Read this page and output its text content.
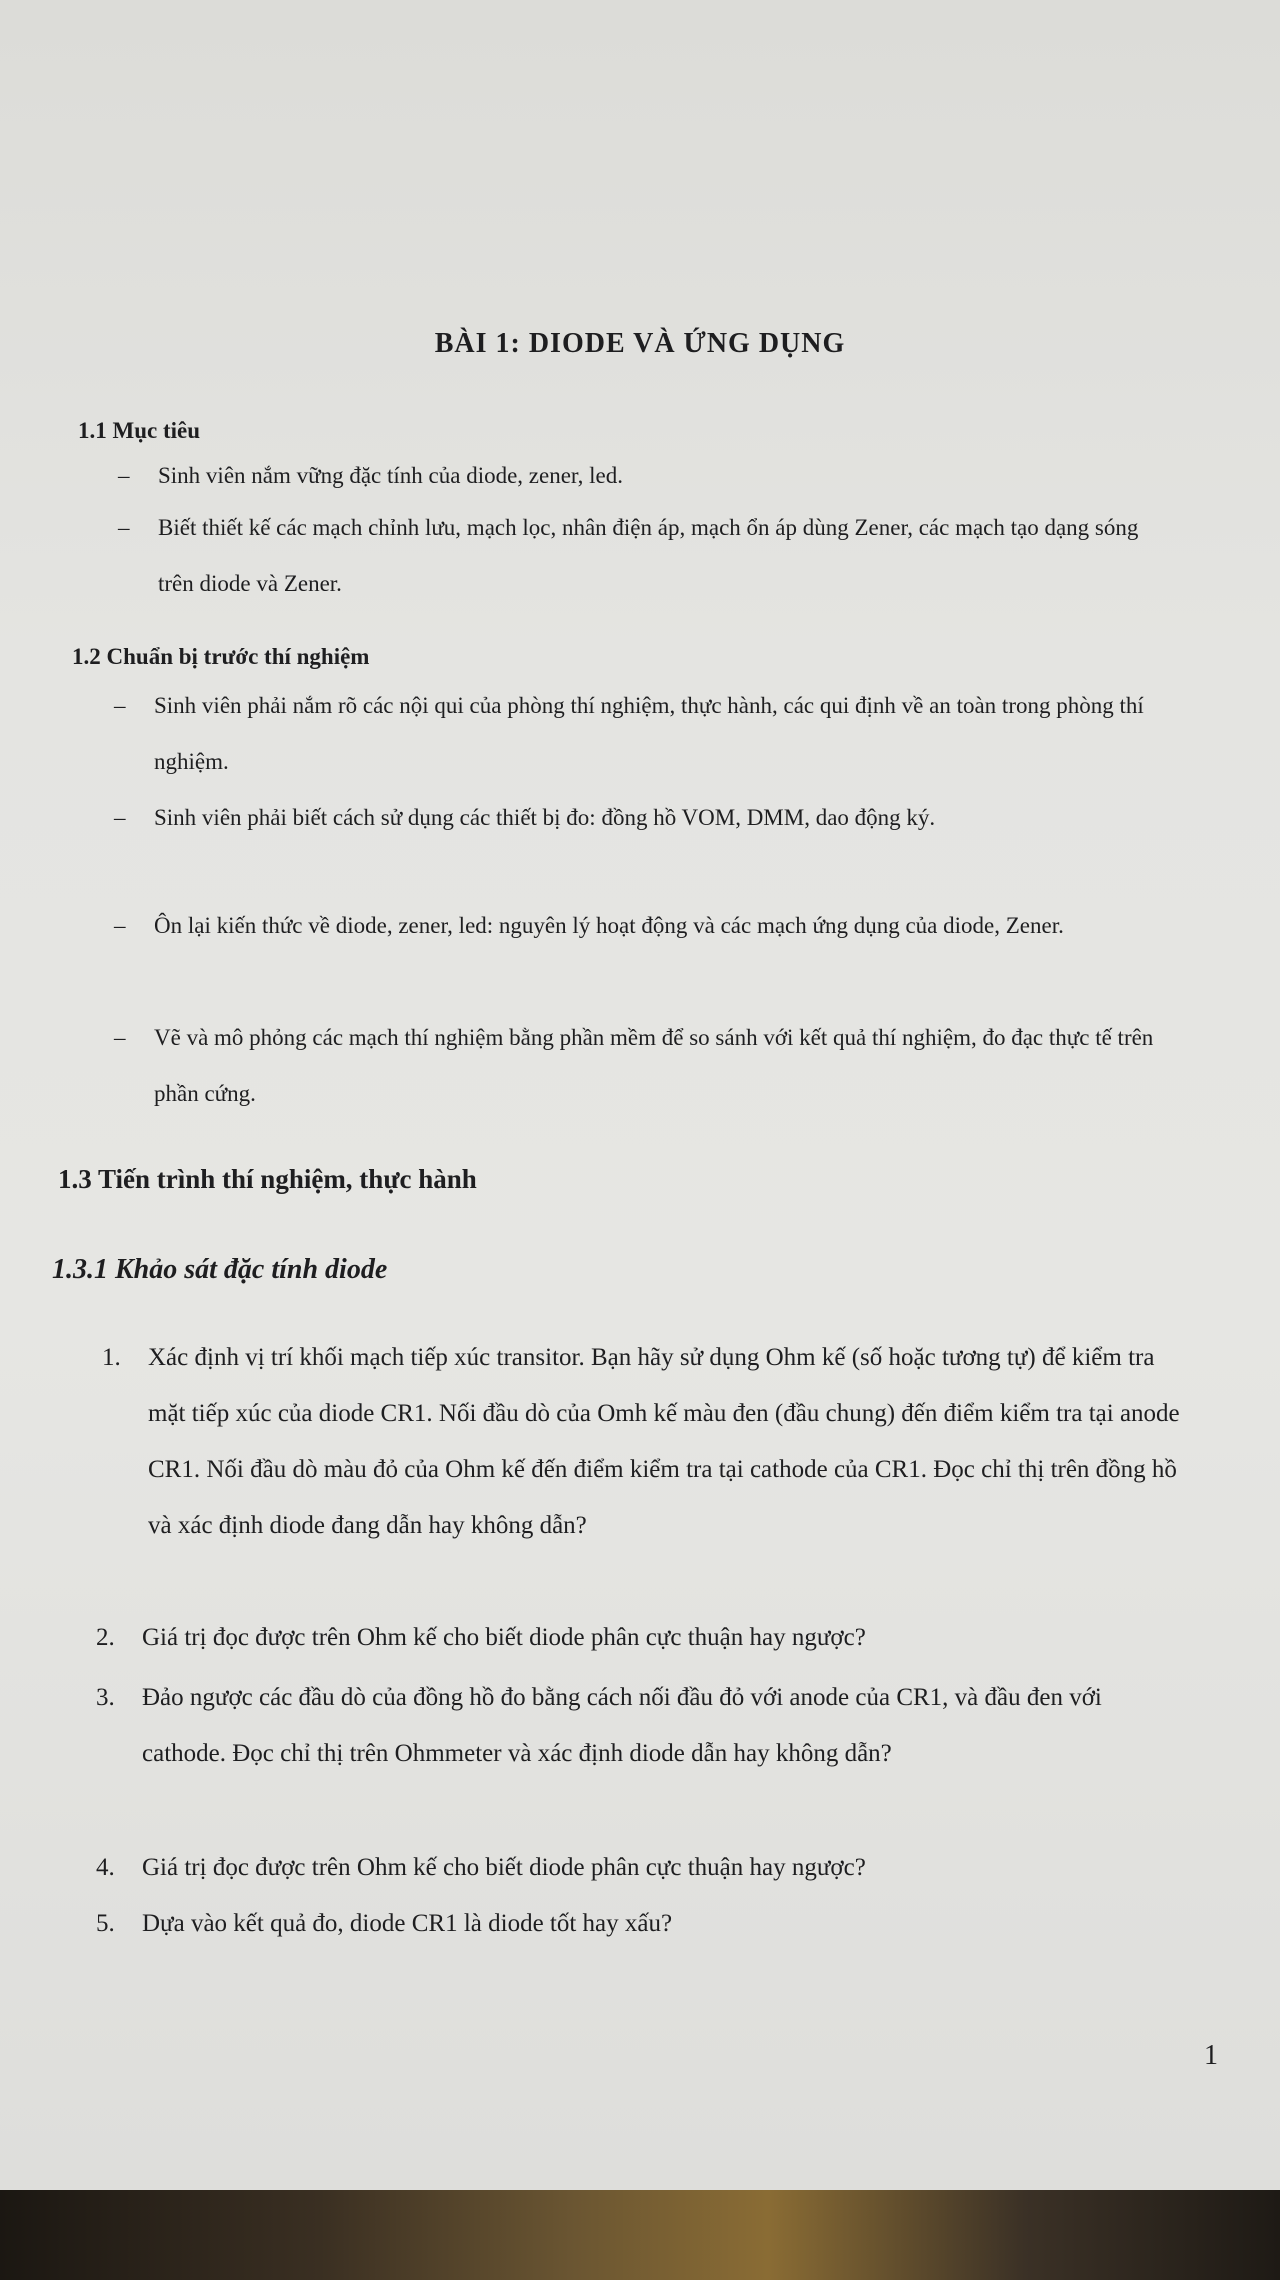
BÀI 1: DIODE VÀ ỨNG DỤNG
1.1 Mục tiêu
– Sinh viên nắm vững đặc tính của diode, zener, led.
– Biết thiết kế các mạch chỉnh lưu, mạch lọc, nhân điện áp, mạch ổn áp dùng Zener, các mạch tạo dạng sóng trên diode và Zener.
1.2 Chuẩn bị trước thí nghiệm
– Sinh viên phải nắm rõ các nội qui của phòng thí nghiệm, thực hành, các qui định về an toàn trong phòng thí nghiệm.
– Sinh viên phải biết cách sử dụng các thiết bị đo: đồng hồ VOM, DMM, dao động ký.
– Ôn lại kiến thức về diode, zener, led: nguyên lý hoạt động và các mạch ứng dụng của diode, Zener.
– Vẽ và mô phỏng các mạch thí nghiệm bằng phần mềm để so sánh với kết quả thí nghiệm, đo đạc thực tế trên phần cứng.
1.3 Tiến trình thí nghiệm, thực hành
1.3.1 Khảo sát đặc tính diode
1. Xác định vị trí khối mạch tiếp xúc transitor. Bạn hãy sử dụng Ohm kế (số hoặc tương tự) để kiểm tra mặt tiếp xúc của diode CR1. Nối đầu dò của Omh kế màu đen (đầu chung) đến điểm kiểm tra tại anode CR1. Nối đầu dò màu đỏ của Ohm kế đến điểm kiểm tra tại cathode của CR1. Đọc chỉ thị trên đồng hồ và xác định diode đang dẫn hay không dẫn?
2. Giá trị đọc được trên Ohm kế cho biết diode phân cực thuận hay ngược?
3. Đảo ngược các đầu dò của đồng hồ đo bằng cách nối đầu đỏ với anode của CR1, và đầu đen với cathode. Đọc chỉ thị trên Ohmmeter và xác định diode dẫn hay không dẫn?
4. Giá trị đọc được trên Ohm kế cho biết diode phân cực thuận hay ngược?
5. Dựa vào kết quả đo, diode CR1 là diode tốt hay xấu?
1
